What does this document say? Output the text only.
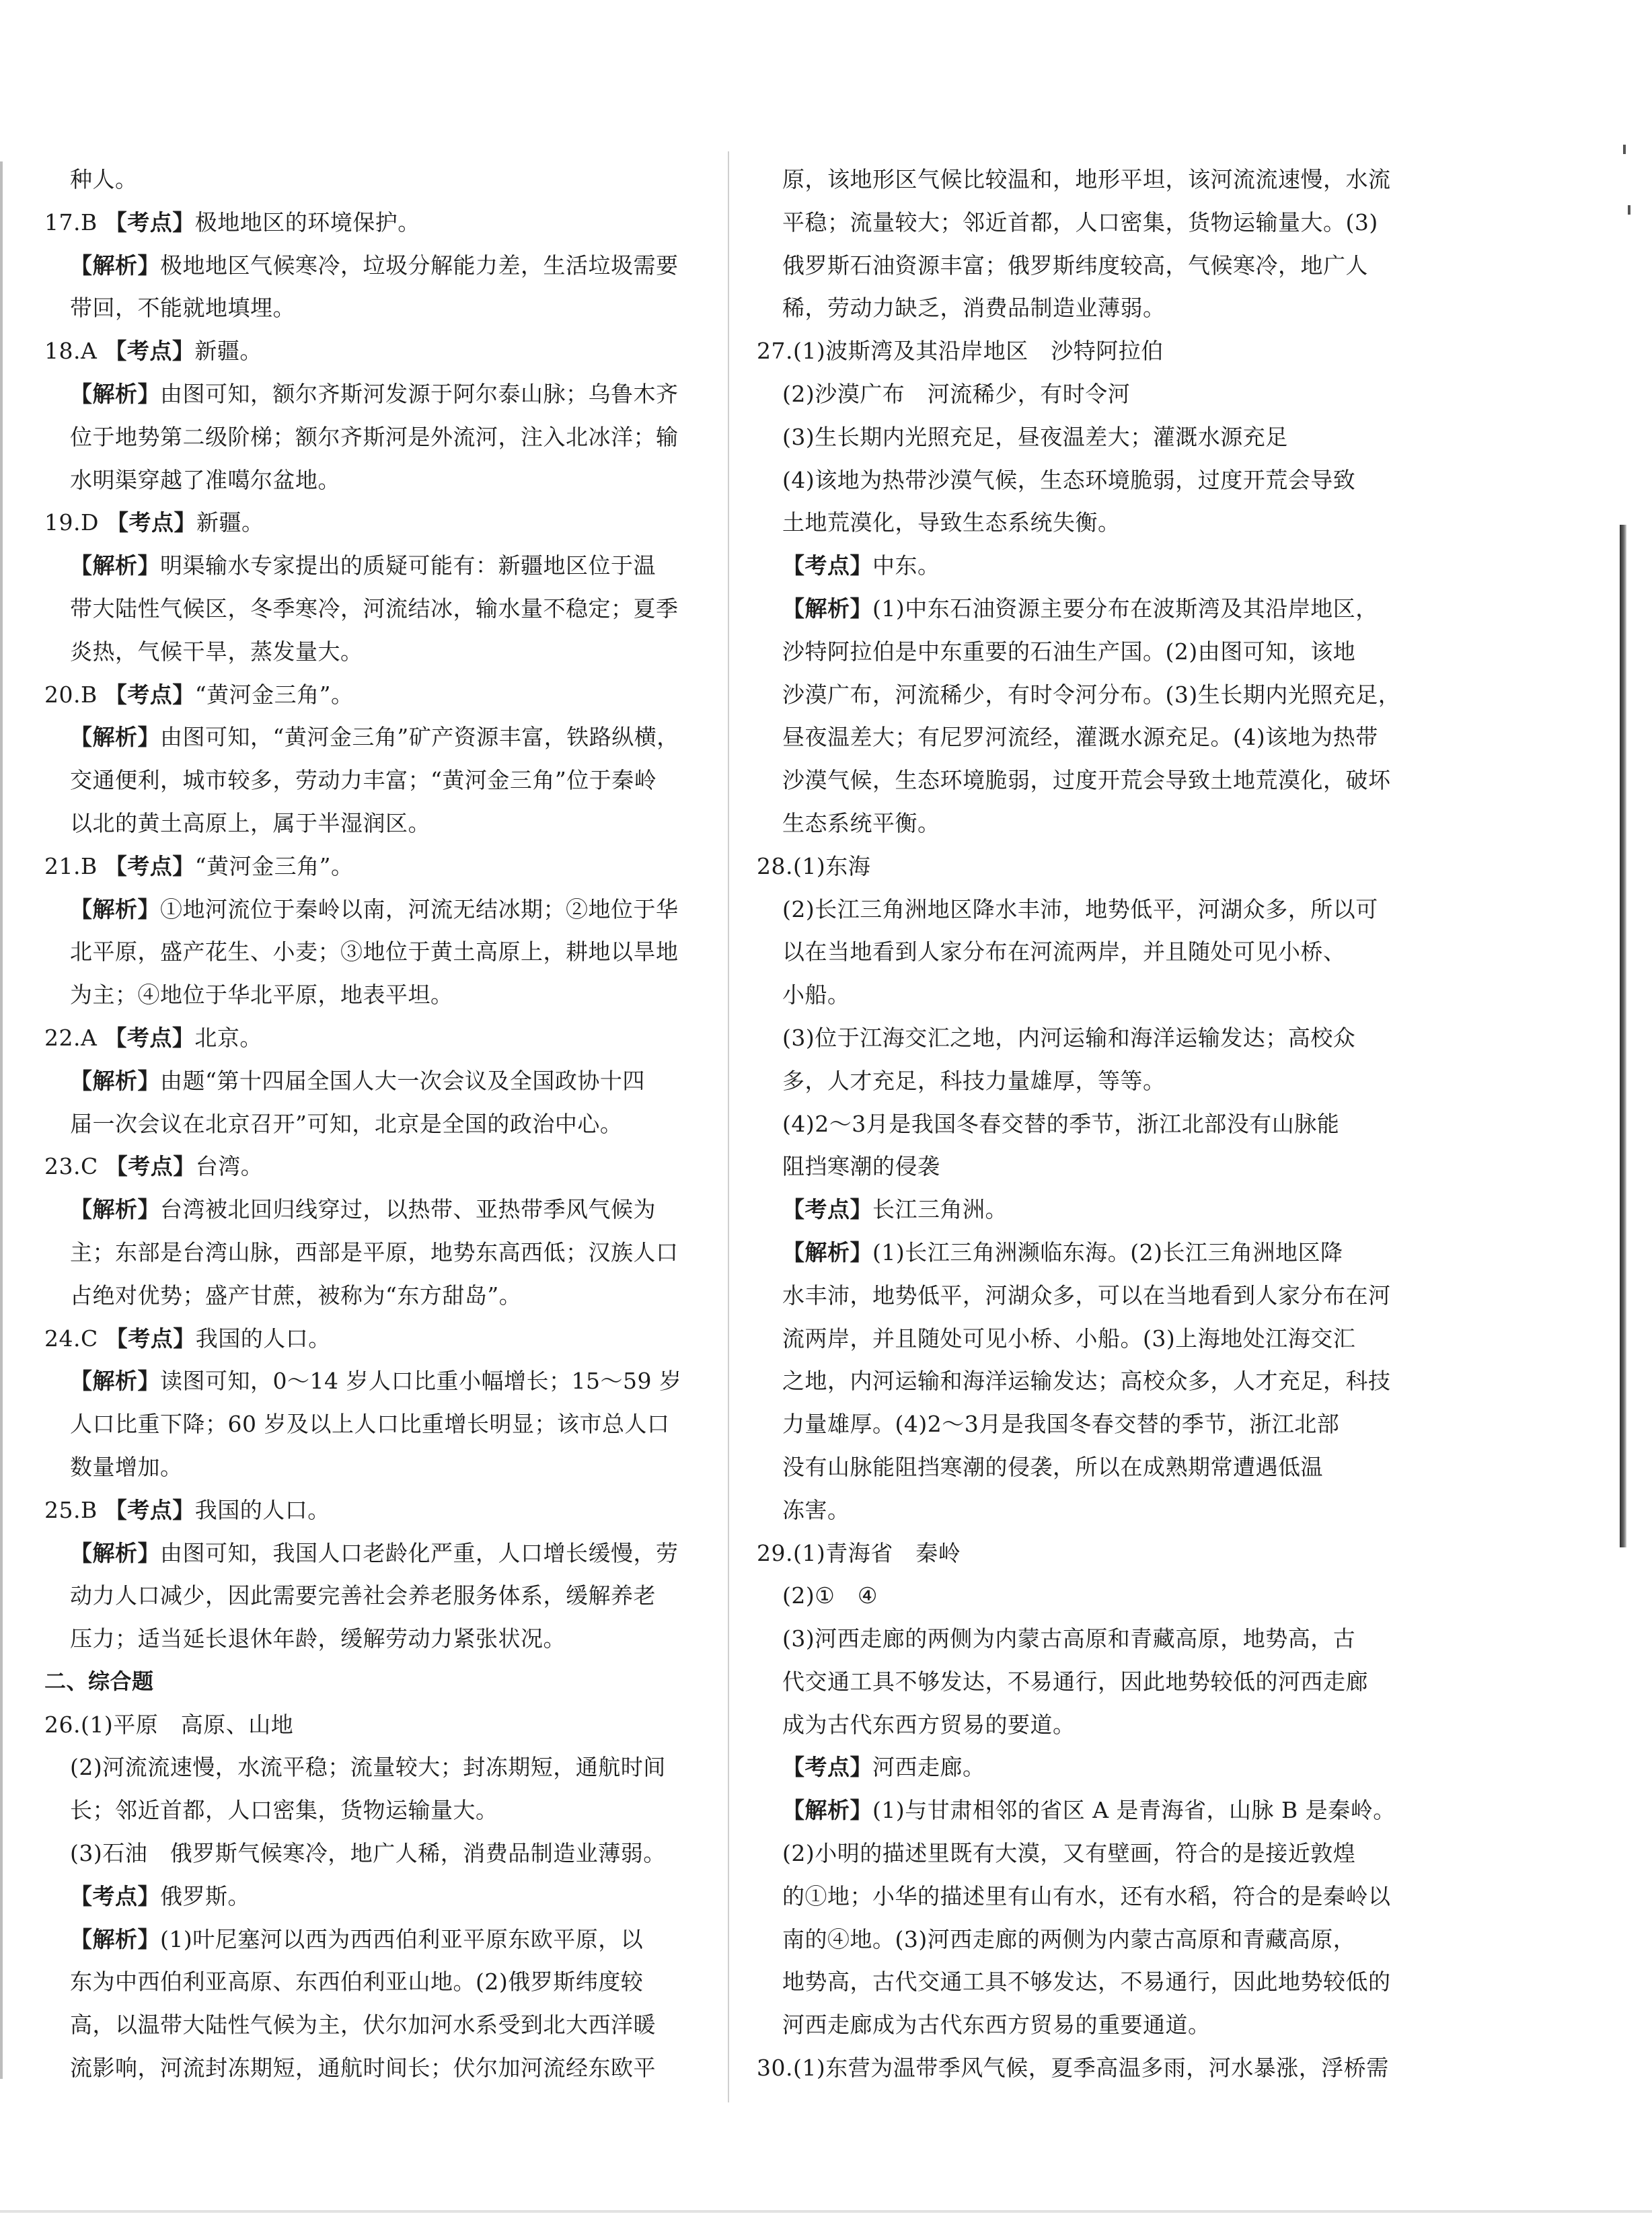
种人。

17.B 【考点】极地地区的环境保护。

【解析】极地地区气候寒冷，垃圾分解能力差，生活垃圾需要

带回，不能就地填埋。

18.A 【考点】新疆。

【解析】由图可知，额尔齐斯河发源于阿尔泰山脉；乌鲁木齐

位于地势第二级阶梯；额尔齐斯河是外流河，注入北冰洋；输

水明渠穿越了准噶尔盆地。

19.D 【考点】新疆。

【解析】明渠输水专家提出的质疑可能有：新疆地区位于温

带大陆性气候区，冬季寒冷，河流结冰，输水量不稳定；夏季

炎热，气候干旱，蒸发量大。

20.B 【考点】“黄河金三角”。

【解析】由图可知，“黄河金三角”矿产资源丰富，铁路纵横，

交通便利，城市较多，劳动力丰富；“黄河金三角”位于秦岭

以北的黄土高原上，属于半湿润区。

21.B 【考点】“黄河金三角”。

【解析】①地河流位于秦岭以南，河流无结冰期；②地位于华

北平原，盛产花生、小麦；③地位于黄土高原上，耕地以旱地

为主；④地位于华北平原，地表平坦。

22.A 【考点】北京。

【解析】由题“第十四届全国人大一次会议及全国政协十四

届一次会议在北京召开”可知，北京是全国的政治中心。

23.C 【考点】台湾。

【解析】台湾被北回归线穿过，以热带、亚热带季风气候为

主；东部是台湾山脉，西部是平原，地势东高西低；汉族人口

占绝对优势；盛产甘蔗，被称为“东方甜岛”。

24.C 【考点】我国的人口。

【解析】读图可知，0～14 岁人口比重小幅增长；15～59 岁

人口比重下降；60 岁及以上人口比重增长明显；该市总人口

数量增加。

25.B 【考点】我国的人口。

【解析】由图可知，我国人口老龄化严重，人口增长缓慢，劳

动力人口减少，因此需要完善社会养老服务体系，缓解养老

压力；适当延长退休年龄，缓解劳动力紧张状况。

二、综合题

26.(1)平原　高原、山地

(2)河流流速慢，水流平稳；流量较大；封冻期短，通航时间

长；邻近首都，人口密集，货物运输量大。

(3)石油　俄罗斯气候寒冷，地广人稀，消费品制造业薄弱。

【考点】俄罗斯。

【解析】(1)叶尼塞河以西为西西伯利亚平原东欧平原，以

东为中西伯利亚高原、东西伯利亚山地。(2)俄罗斯纬度较

高，以温带大陆性气候为主，伏尔加河水系受到北大西洋暖

流影响，河流封冻期短，通航时间长；伏尔加河流经东欧平

原，该地形区气候比较温和，地形平坦，该河流流速慢，水流

平稳；流量较大；邻近首都，人口密集，货物运输量大。(3)

俄罗斯石油资源丰富；俄罗斯纬度较高，气候寒冷，地广人

稀，劳动力缺乏，消费品制造业薄弱。

27.(1)波斯湾及其沿岸地区　沙特阿拉伯

(2)沙漠广布　河流稀少，有时令河

(3)生长期内光照充足，昼夜温差大；灌溉水源充足

(4)该地为热带沙漠气候，生态环境脆弱，过度开荒会导致

土地荒漠化，导致生态系统失衡。

【考点】中东。

【解析】(1)中东石油资源主要分布在波斯湾及其沿岸地区，

沙特阿拉伯是中东重要的石油生产国。(2)由图可知，该地

沙漠广布，河流稀少，有时令河分布。(3)生长期内光照充足，

昼夜温差大；有尼罗河流经，灌溉水源充足。(4)该地为热带

沙漠气候，生态环境脆弱，过度开荒会导致土地荒漠化，破坏

生态系统平衡。

28.(1)东海

(2)长江三角洲地区降水丰沛，地势低平，河湖众多，所以可

以在当地看到人家分布在河流两岸，并且随处可见小桥、

小船。

(3)位于江海交汇之地，内河运输和海洋运输发达；高校众

多，人才充足，科技力量雄厚，等等。

(4)2～3月是我国冬春交替的季节，浙江北部没有山脉能

阻挡寒潮的侵袭

【考点】长江三角洲。

【解析】(1)长江三角洲濒临东海。(2)长江三角洲地区降

水丰沛，地势低平，河湖众多，可以在当地看到人家分布在河

流两岸，并且随处可见小桥、小船。(3)上海地处江海交汇

之地，内河运输和海洋运输发达；高校众多，人才充足，科技

力量雄厚。(4)2～3月是我国冬春交替的季节，浙江北部

没有山脉能阻挡寒潮的侵袭，所以在成熟期常遭遇低温

冻害。

29.(1)青海省　秦岭

(2)①　④

(3)河西走廊的两侧为内蒙古高原和青藏高原，地势高，古

代交通工具不够发达，不易通行，因此地势较低的河西走廊

成为古代东西方贸易的要道。

【考点】河西走廊。

【解析】(1)与甘肃相邻的省区 A 是青海省，山脉 B 是秦岭。

(2)小明的描述里既有大漠，又有壁画，符合的是接近敦煌

的①地；小华的描述里有山有水，还有水稻，符合的是秦岭以

南的④地。(3)河西走廊的两侧为内蒙古高原和青藏高原，

地势高，古代交通工具不够发达，不易通行，因此地势较低的

河西走廊成为古代东西方贸易的重要通道。

30.(1)东营为温带季风气候，夏季高温多雨，河水暴涨，浮桥需
